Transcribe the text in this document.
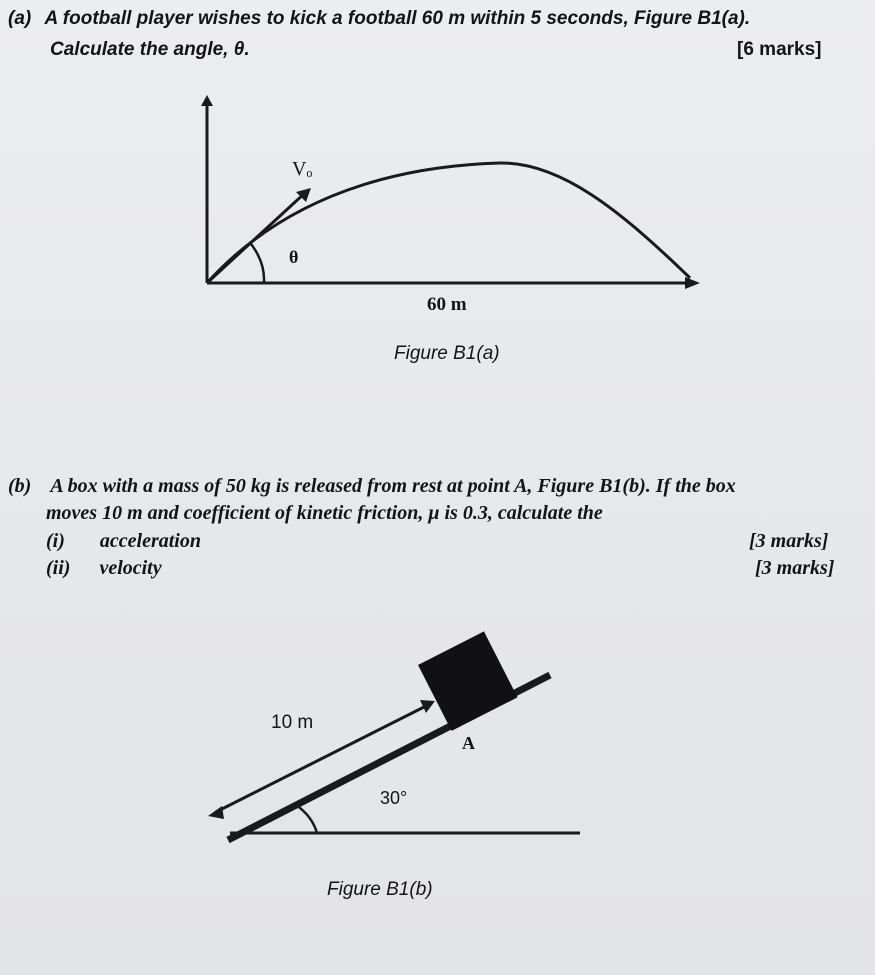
(a) A football player wishes to kick a football 60 m within 5 seconds, Figure B1(a).
Calculate the angle, θ.	[6 marks]
Vₒ
θ
60 m
Figure B1(a)
(b) A box with a mass of 50 kg is released from rest at point A, Figure B1(b). If the box
moves 10 m and coefficient of kinetic friction, μ is 0.3, calculate the
(i) acceleration	[3 marks]
(ii) velocity	[3 marks]
10 m
A
30°
Figure B1(b)
